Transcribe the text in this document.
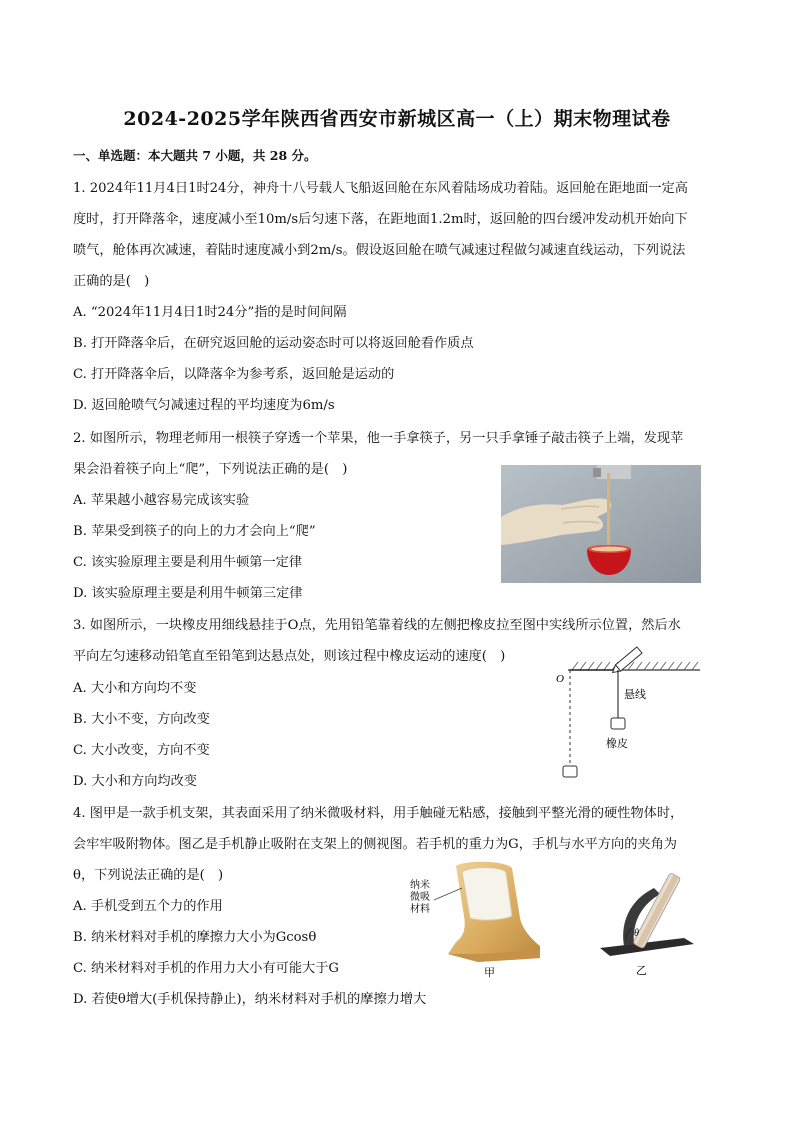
2024-2025学年陕西省西安市新城区高一（上）期末物理试卷
一、单选题：本大题共 7 小题，共 28 分。
1. 2024年11月4日1时24分，神舟十八号载人飞船返回舱在东风着陆场成功着陆。返回舱在距地面一定高
度时，打开降落伞，速度减小至10m/s后匀速下落，在距地面1.2m时，返回舱的四台缓冲发动机开始向下
喷气，舱体再次减速，着陆时速度减小到2m/s。假设返回舱在喷气减速过程做匀减速直线运动，下列说法
正确的是(　)
A. “2024年11月4日1时24分”指的是时间间隔
B. 打开降落伞后，在研究返回舱的运动姿态时可以将返回舱看作质点
C. 打开降落伞后，以降落伞为参考系，返回舱是运动的
D. 返回舱喷气匀减速过程的平均速度为6m/s
2. 如图所示，物理老师用一根筷子穿透一个苹果，他一手拿筷子，另一只手拿锤子敲击筷子上端，发现苹
果会沿着筷子向上“爬”，下列说法正确的是(　)
A. 苹果越小越容易完成该实验
B. 苹果受到筷子的向上的力才会向上“爬”
C. 该实验原理主要是利用牛顿第一定律
D. 该实验原理主要是利用牛顿第三定律
3. 如图所示，一块橡皮用细线悬挂于O点，先用铅笔靠着线的左侧把橡皮拉至图中实线所示位置，然后水
平向左匀速移动铅笔直至铅笔到达悬点处，则该过程中橡皮运动的速度(　)
A. 大小和方向均不变
B. 大小不变，方向改变
C. 大小改变，方向不变
D. 大小和方向均改变
O
悬线
橡皮
4. 图甲是一款手机支架，其表面采用了纳米微吸材料，用手触碰无粘感，接触到平整光滑的硬性物体时，
会牢牢吸附物体。图乙是手机静止吸附在支架上的侧视图。若手机的重力为G，手机与水平方向的夹角为
θ，下列说法正确的是(　)
A. 手机受到五个力的作用
B. 纳米材料对手机的摩擦力大小为Gcosθ
C. 纳米材料对手机的作用力大小有可能大于G
D. 若使θ增大(手机保持静止)，纳米材料对手机的摩擦力增大
纳米
微吸
材料
甲
θ
乙
